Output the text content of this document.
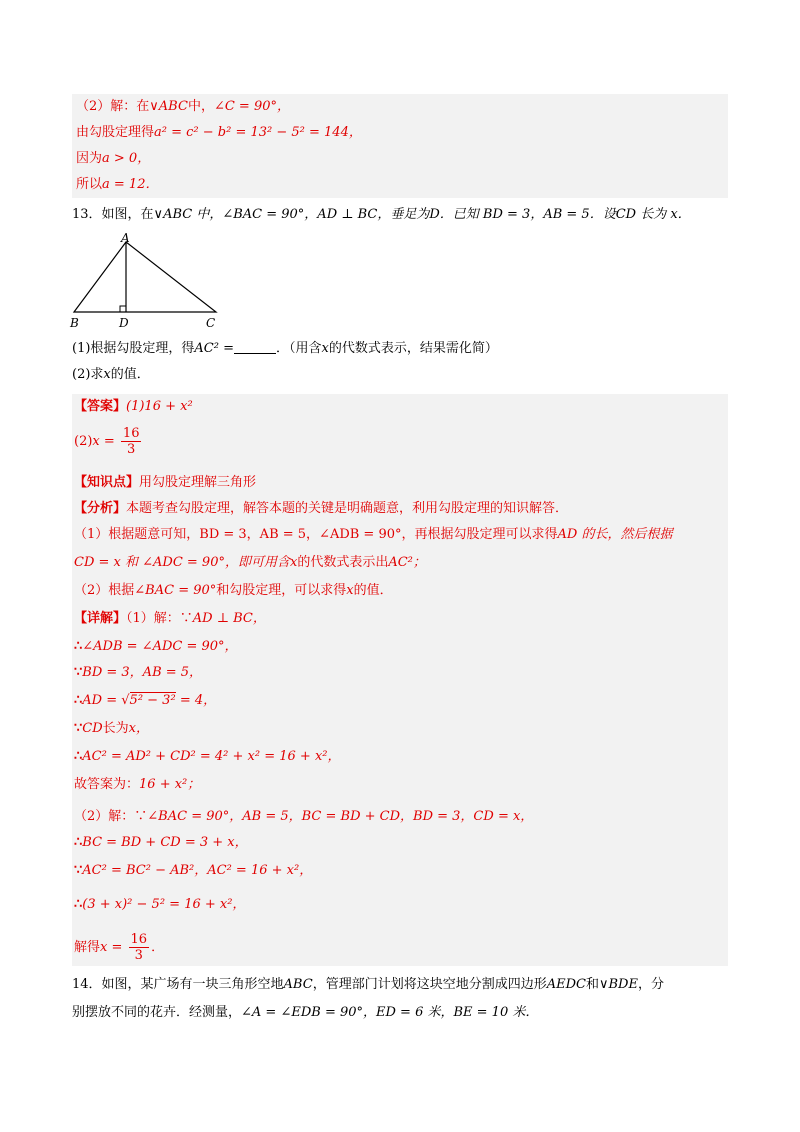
（2）解：在∨ABC中，∠C = 90°，
由勾股定理得a² = c² − b² = 13² − 5² = 144，
因为a > 0，
所以a = 12．
13．如图，在∨ABC 中，∠BAC = 90°，AD ⊥ BC，垂足为D．已知 BD = 3，AB = 5．设CD 长为 x．
A
B	D	C
(1)根据勾股定理，得AC² =	．（用含x的代数式表示，结果需化简）
(2)求x的值．
【答案】(1)16 + x²
$(2)x = \frac{16}{3}$
【知识点】用勾股定理解三角形
【分析】本题考查勾股定理，解答本题的关键是明确题意，利用勾股定理的知识解答．
（1）根据题意可知，BD = 3，AB = 5，∠ADB = 90°，再根据勾股定理可以求得AD 的长，然后根据
CD = x 和 ∠ADC = 90°，即可用含x的代数式表示出AC²；
（2）根据∠BAC = 90°和勾股定理，可以求得x的值．
【详解】（1）解：∵AD ⊥ BC，
∴∠ADB = ∠ADC = 90°，
∵BD = 3，AB = 5，
∴AD = √5² − 3² = 4，
∵CD长为x，
∴AC² = AD² + CD² = 4² + x² = 16 + x²，
故答案为：16 + x²；
（2）解：∵∠BAC = 90°，AB = 5，BC = BD + CD，BD = 3，CD = x，
∴BC = BD + CD = 3 + x，
∵AC² = BC² − AB²，AC² = 16 + x²，
∴(3 + x)² − 5² = 16 + x²，
解得$x = \frac{16}{3}$ ．
14．如图，某广场有一块三角形空地ABC，管理部门计划将这块空地分割成四边形AEDC和∨BDE，分
别摆放不同的花卉．经测量，∠A = ∠EDB = 90°，ED = 6 米，BE = 10 米．
